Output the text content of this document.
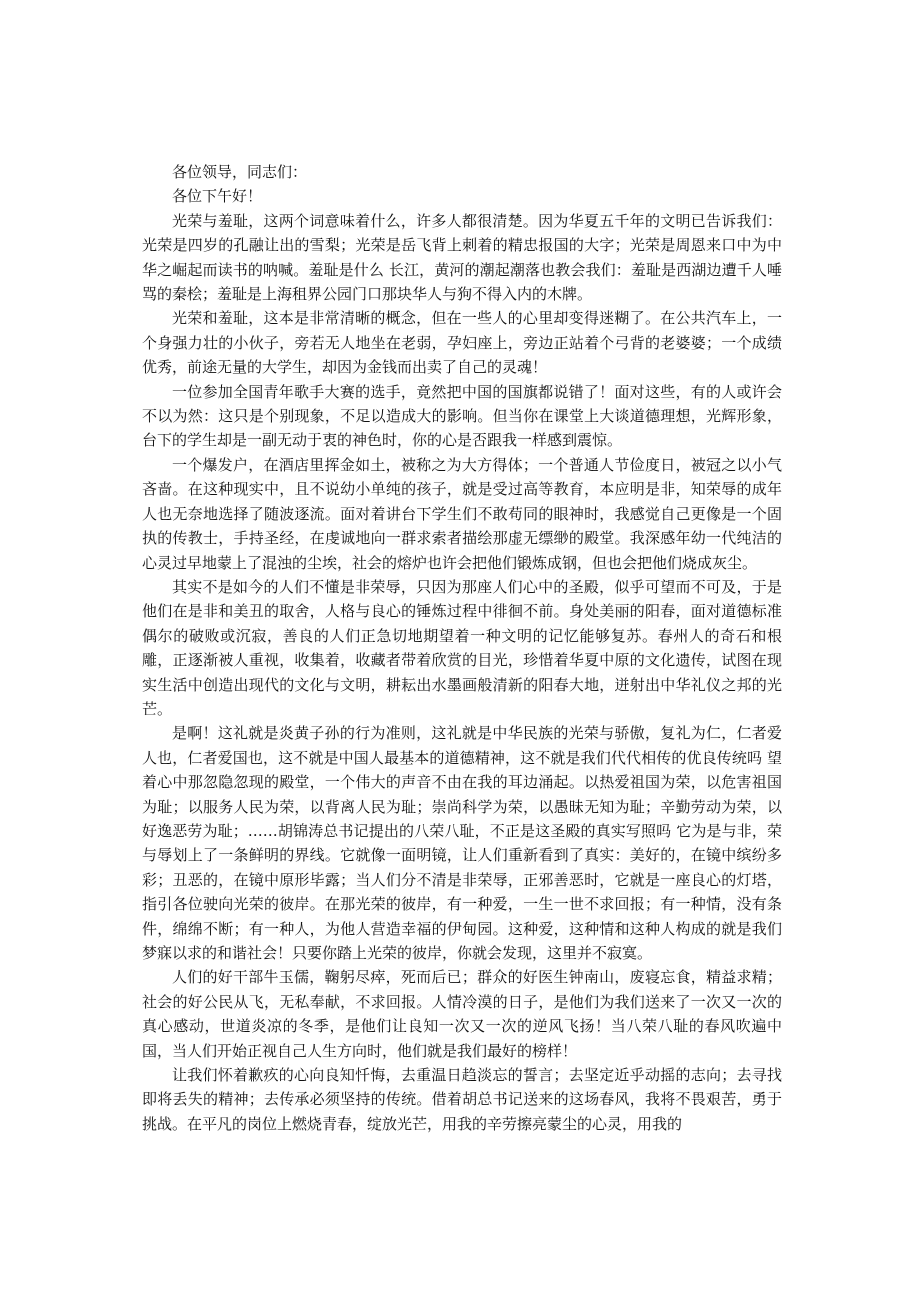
各位领导，同志们：

各位下午好！

光荣与羞耻，这两个词意味着什么，许多人都很清楚。因为华夏五千年的文明已告诉我们：光荣是四岁的孔融让出的雪梨；光荣是岳飞背上刺着的精忠报国的大字；光荣是周恩来口中为中华之崛起而读书的呐喊。羞耻是什么 长江，黄河的潮起潮落也教会我们：羞耻是西湖边遭千人唾骂的秦桧；羞耻是上海租界公园门口那块华人与狗不得入内的木牌。

光荣和羞耻，这本是非常清晰的概念，但在一些人的心里却变得迷糊了。在公共汽车上，一个身强力壮的小伙子，旁若无人地坐在老弱，孕妇座上，旁边正站着个弓背的老婆婆；一个成绩优秀，前途无量的大学生，却因为金钱而出卖了自己的灵魂！

一位参加全国青年歌手大赛的选手，竟然把中国的国旗都说错了！面对这些，有的人或许会不以为然：这只是个别现象，不足以造成大的影响。但当你在课堂上大谈道德理想，光辉形象，台下的学生却是一副无动于衷的神色时，你的心是否跟我一样感到震惊。

一个爆发户，在酒店里挥金如土，被称之为大方得体；一个普通人节俭度日，被冠之以小气吝啬。在这种现实中，且不说幼小单纯的孩子，就是受过高等教育，本应明是非，知荣辱的成年人也无奈地选择了随波逐流。面对着讲台下学生们不敢苟同的眼神时，我感觉自己更像是一个固执的传教士，手持圣经，在虔诚地向一群求索者描绘那虚无缥缈的殿堂。我深感年幼一代纯洁的心灵过早地蒙上了混浊的尘埃，社会的熔炉也许会把他们锻炼成钢，但也会把他们烧成灰尘。

其实不是如今的人们不懂是非荣辱，只因为那座人们心中的圣殿，似乎可望而不可及，于是他们在是非和美丑的取舍，人格与良心的锤炼过程中徘徊不前。身处美丽的阳春，面对道德标准偶尔的破败或沉寂，善良的人们正急切地期望着一种文明的记忆能够复苏。春州人的奇石和根雕，正逐渐被人重视，收集着，收藏者带着欣赏的目光，珍惜着华夏中原的文化遗传，试图在现实生活中创造出现代的文化与文明，耕耘出水墨画般清新的阳春大地，迸射出中华礼仪之邦的光芒。

是啊！这礼就是炎黄子孙的行为准则，这礼就是中华民族的光荣与骄傲，复礼为仁，仁者爱人也，仁者爱国也，这不就是中国人最基本的道德精神，这不就是我们代代相传的优良传统吗 望着心中那忽隐忽现的殿堂，一个伟大的声音不由在我的耳边涌起。以热爱祖国为荣，以危害祖国为耻；以服务人民为荣，以背离人民为耻；崇尚科学为荣，以愚昧无知为耻；辛勤劳动为荣，以好逸恶劳为耻；……胡锦涛总书记提出的八荣八耻，不正是这圣殿的真实写照吗 它为是与非，荣与辱划上了一条鲜明的界线。它就像一面明镜，让人们重新看到了真实：美好的，在镜中缤纷多彩；丑恶的，在镜中原形毕露；当人们分不清是非荣辱，正邪善恶时，它就是一座良心的灯塔，指引各位驶向光荣的彼岸。在那光荣的彼岸，有一种爱，一生一世不求回报；有一种情，没有条件，绵绵不断；有一种人，为他人营造幸福的伊甸园。这种爱，这种情和这种人构成的就是我们梦寐以求的和谐社会！只要你踏上光荣的彼岸，你就会发现，这里并不寂寞。

人们的好干部牛玉儒，鞠躬尽瘁，死而后已；群众的好医生钟南山，废寝忘食，精益求精；社会的好公民从飞，无私奉献，不求回报。人情冷漠的日子，是他们为我们送来了一次又一次的真心感动，世道炎凉的冬季，是他们让良知一次又一次的逆风飞扬！当八荣八耻的春风吹遍中国，当人们开始正视自己人生方向时，他们就是我们最好的榜样！

让我们怀着歉疚的心向良知忏悔，去重温日趋淡忘的誓言；去坚定近乎动摇的志向；去寻找即将丢失的精神；去传承必须坚持的传统。借着胡总书记送来的这场春风，我将不畏艰苦，勇于挑战。在平凡的岗位上燃烧青春，绽放光芒，用我的辛劳擦亮蒙尘的心灵，用我的
